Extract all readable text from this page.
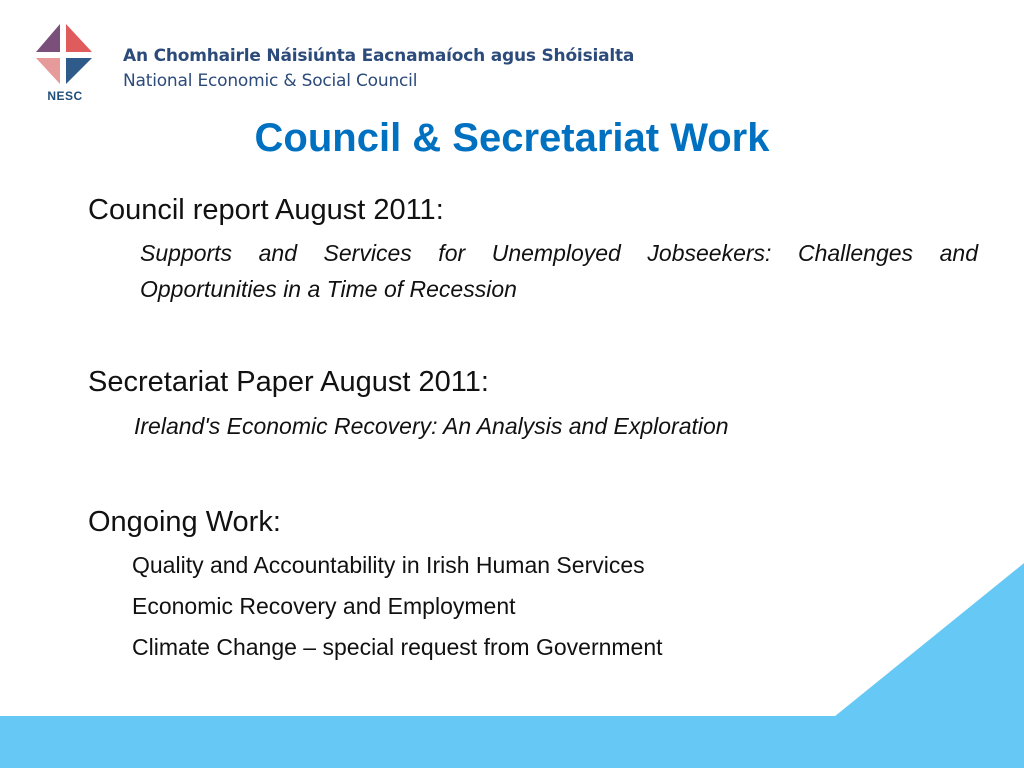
NESC
An Chomhairle Náisiúnta Eacnamaíoch agus Shóisialta
National Economic & Social Council
Council & Secretariat Work
Council report August 2011:
Supports and Services for Unemployed Jobseekers: Challenges and Opportunities in a Time of Recession
Secretariat Paper August 2011:
Ireland's Economic Recovery: An Analysis and Exploration
Ongoing Work:
Quality and Accountability in Irish Human Services
Economic Recovery and Employment
Climate Change – special request from Government
